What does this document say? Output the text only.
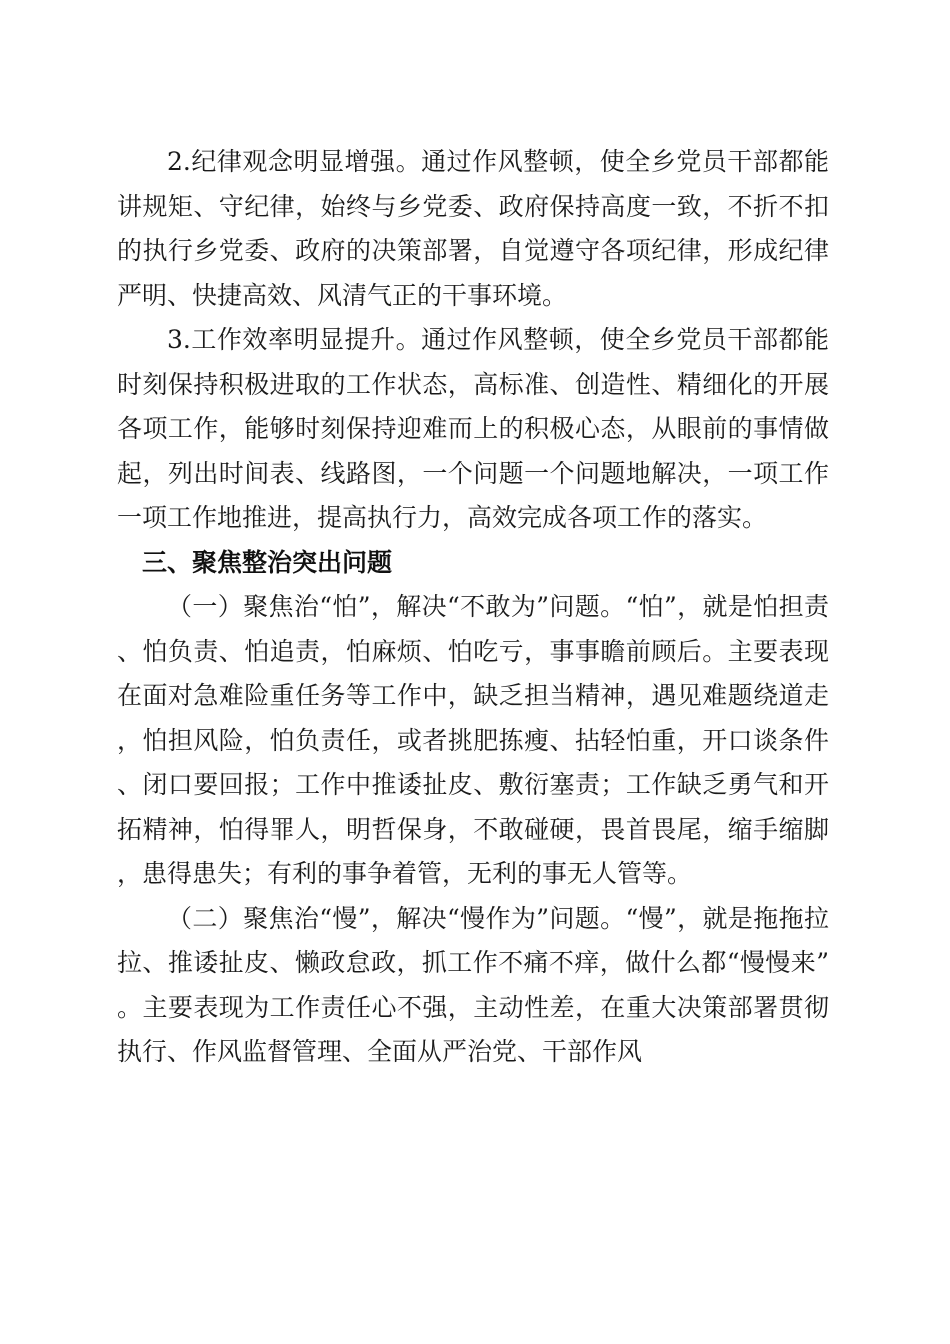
2.纪律观念明显增强。通过作风整顿，使全乡党员干部都能讲规矩、守纪律，始终与乡党委、政府保持高度一致，不折不扣的执行乡党委、政府的决策部署，自觉遵守各项纪律，形成纪律严明、快捷高效、风清气正的干事环境。

3.工作效率明显提升。通过作风整顿，使全乡党员干部都能时刻保持积极进取的工作状态，高标准、创造性、精细化的开展各项工作，能够时刻保持迎难而上的积极心态，从眼前的事情做起，列出时间表、线路图，一个问题一个问题地解决，一项工作一项工作地推进，提高执行力，高效完成各项工作的落实。

三、聚焦整治突出问题

（一）聚焦治“怕”，解决“不敢为”问题。“怕”，就是怕担责、怕负责、怕追责，怕麻烦、怕吃亏，事事瞻前顾后。主要表现在面对急难险重任务等工作中，缺乏担当精神，遇见难题绕道走，怕担风险，怕负责任，或者挑肥拣瘦、拈轻怕重，开口谈条件、闭口要回报；工作中推诿扯皮、敷衍塞责；工作缺乏勇气和开拓精神，怕得罪人，明哲保身，不敢碰硬，畏首畏尾，缩手缩脚，患得患失；有利的事争着管，无利的事无人管等。

（二）聚焦治“慢”，解决“慢作为”问题。“慢”，就是拖拖拉拉、推诿扯皮、懒政怠政，抓工作不痛不痒，做什么都“慢慢来”。主要表现为工作责任心不强，主动性差，在重大决策部署贯彻执行、作风监督管理、全面从严治党、干部作风
